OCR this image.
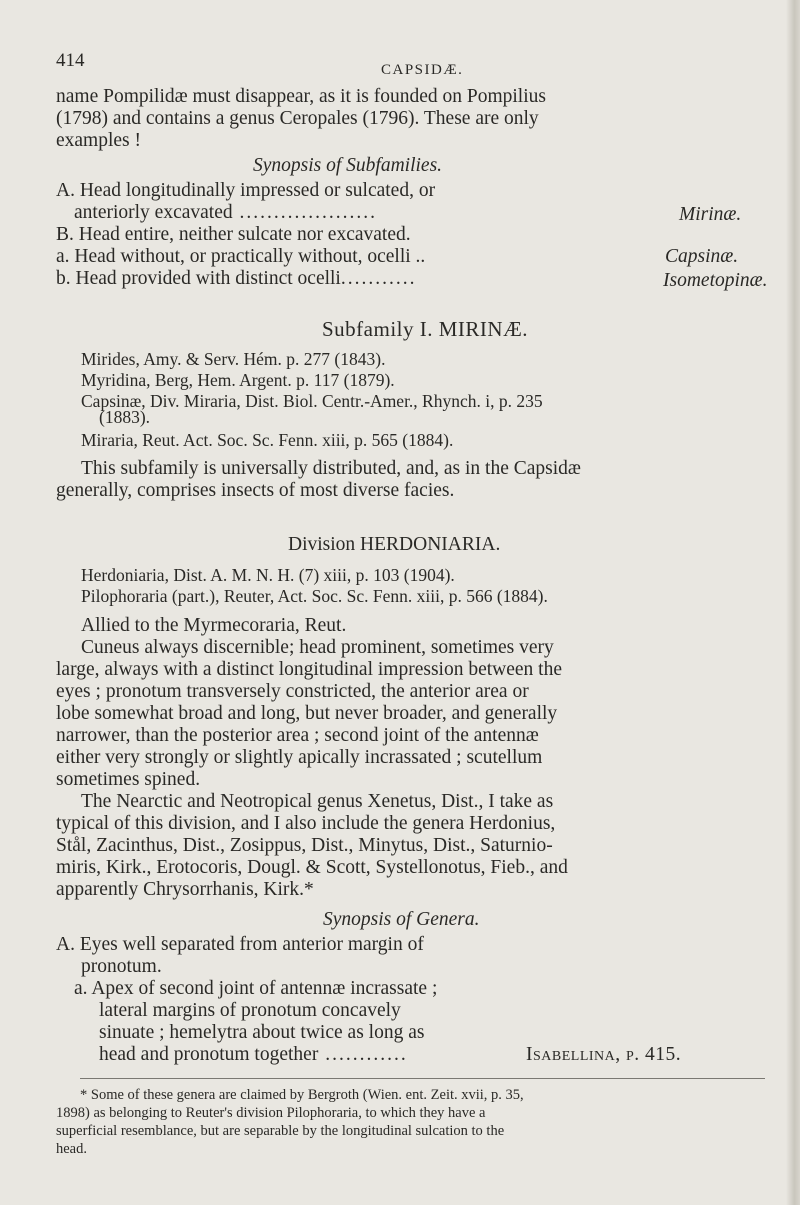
414	CAPSIDÆ.
name Pompilidæ must disappear, as it is founded on Pompilius
(1798) and contains a genus Ceropales (1796). These are only
examples !
Synopsis of Subfamilies.
A. Head longitudinally impressed or sulcated, or
anteriorly excavated ....................	Mirinæ.
B. Head entire, neither sulcate nor excavated.
a. Head without, or practically without, ocelli ..	Capsinæ.
b. Head provided with distinct ocelli...........	Isometopinæ.
Subfamily I. MIRINÆ.
Mirides, Amy. & Serv. Hém. p. 277 (1843).
Myridina, Berg, Hem. Argent. p. 117 (1879).
Capsinæ, Div. Miraria, Dist. Biol. Centr.-Amer., Rhynch. i, p. 235
(1883).
Miraria, Reut. Act. Soc. Sc. Fenn. xiii, p. 565 (1884).
This subfamily is universally distributed, and, as in the Capsidæ
generally, comprises insects of most diverse facies.
Division HERDONIARIA.
Herdoniaria, Dist. A. M. N. H. (7) xiii, p. 103 (1904).
Pilophoraria (part.), Reuter, Act. Soc. Sc. Fenn. xiii, p. 566 (1884).
Allied to the Myrmecoraria, Reut.
Cuneus always discernible; head prominent, sometimes very
large, always with a distinct longitudinal impression between the
eyes ; pronotum transversely constricted, the anterior area or
lobe somewhat broad and long, but never broader, and generally
narrower, than the posterior area ; second joint of the antennæ
either very strongly or slightly apically incrassated ; scutellum
sometimes spined.
The Nearctic and Neotropical genus Xenetus, Dist., I take as
typical of this division, and I also include the genera Herdonius,
Stål, Zacinthus, Dist., Zosippus, Dist., Minytus, Dist., Saturnio-
miris, Kirk., Erotocoris, Dougl. & Scott, Systellonotus, Fieb., and
apparently Chrysorrhanis, Kirk.*
Synopsis of Genera.
A. Eyes well separated from anterior margin of
pronotum.
a. Apex of second joint of antennæ incrassate ;
lateral margins of pronotum concavely
sinuate ; hemelytra about twice as long as
head and pronotum together ............	Isabellina, p. 415.
* Some of these genera are claimed by Bergroth (Wien. ent. Zeit. xvii, p. 35,
1898) as belonging to Reuter's division Pilophoraria, to which they have a
superficial resemblance, but are separable by the longitudinal sulcation to the
head.
